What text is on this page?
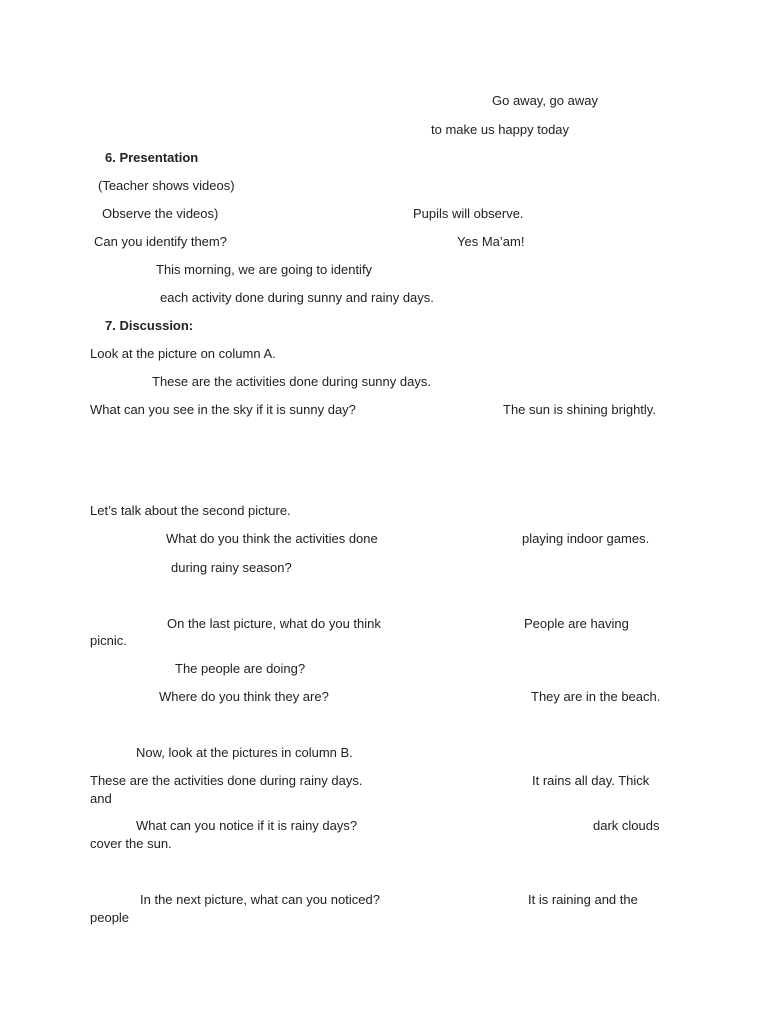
Go away, go away
to make us happy today
6. Presentation
(Teacher shows videos)
Observe the videos)	Pupils will observe.
Can you identify them?	Yes Ma’am!
This morning, we are going to identify
each activity done during sunny and rainy days.
7. Discussion:
Look at the picture on column A.
These are the activities done during sunny days.
What can you see in the sky if it is sunny day?	The sun is shining brightly.
Let’s talk about the second picture.
What do you think the activities done	playing indoor games.
during rainy season?
On the last picture, what do you think	People are having
picnic.
The people are doing?
Where do you think they are?	They are in the beach.
Now, look at the pictures in column B.
These are the activities done during rainy days.	It rains all day. Thick
and
What can you notice if it is rainy days?	dark clouds
cover the sun.
In the next picture, what can you noticed?	It is raining and the
people
